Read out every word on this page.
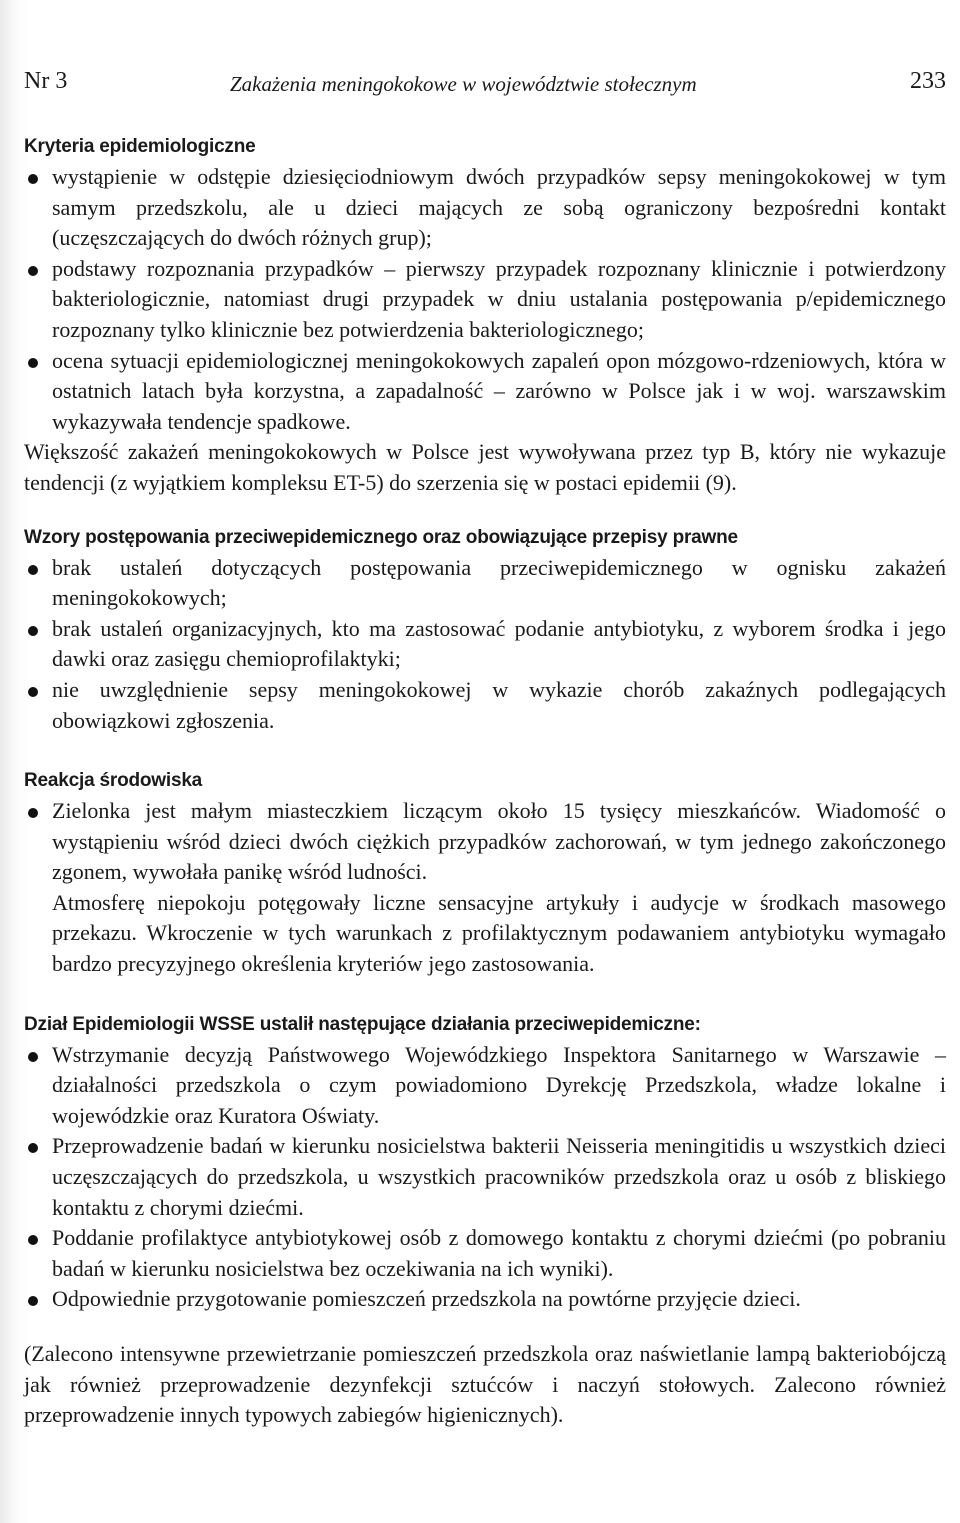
Nr 3	Zakażenia meningokokowe w województwie stołecznym	233
Kryteria epidemiologiczne
wystąpienie w odstępie dziesięciodniowym dwóch przypadków sepsy meningokokowej w tym samym przedszkolu, ale u dzieci mających ze sobą ograniczony bezpośredni kontakt (uczęszczających do dwóch różnych grup);
podstawy rozpoznania przypadków – pierwszy przypadek rozpoznany klinicznie i potwierdzony bakteriologicznie, natomiast drugi przypadek w dniu ustalania postępowania p/epidemicznego rozpoznany tylko klinicznie bez potwierdzenia bakteriologicznego;
ocena sytuacji epidemiologicznej meningokokowych zapaleń opon mózgowo-rdzeniowych, która w ostatnich latach była korzystna, a zapadalność – zarówno w Polsce jak i w woj. warszawskim wykazywała tendencje spadkowe.

Większość zakażeń meningokokowych w Polsce jest wywoływana przez typ B, który nie wykazuje tendencji (z wyjątkiem kompleksu ET-5) do szerzenia się w postaci epidemii (9).

Wzory postępowania przeciwepidemicznego oraz obowiązujące przepisy prawne
brak ustaleń dotyczących postępowania przeciwepidemicznego w ognisku zakażeń meningokokowych;
brak ustaleń organizacyjnych, kto ma zastosować podanie antybiotyku, z wyborem środka i jego dawki oraz zasięgu chemioprofilaktyki;
nie uwzględnienie sepsy meningokokowej w wykazie chorób zakaźnych podlegających obowiązkowi zgłoszenia.
Reakcja środowiska
Zielonka jest małym miasteczkiem liczącym około 15 tysięcy mieszkańców. Wiadomość o wystąpieniu wśród dzieci dwóch ciężkich przypadków zachorowań, w tym jednego zakończonego zgonem, wywołała panikę wśród ludności.

Atmosferę niepokoju potęgowały liczne sensacyjne artykuły i audycje w środkach masowego przekazu. Wkroczenie w tych warunkach z profilaktycznym podawaniem antybiotyku wymagało bardzo precyzyjnego określenia kryteriów jego zastosowania.

Dział Epidemiologii WSSE ustalił następujące działania przeciwepidemiczne:
Wstrzymanie decyzją Państwowego Wojewódzkiego Inspektora Sanitarnego w Warszawie – działalności przedszkola o czym powiadomiono Dyrekcję Przedszkola, władze lokalne i wojewódzkie oraz Kuratora Oświaty.
Przeprowadzenie badań w kierunku nosicielstwa bakterii Neisseria meningitidis u wszystkich dzieci uczęszczających do przedszkola, u wszystkich pracowników przedszkola oraz u osób z bliskiego kontaktu z chorymi dziećmi.
Poddanie profilaktyce antybiotykowej osób z domowego kontaktu z chorymi dziećmi (po pobraniu badań w kierunku nosicielstwa bez oczekiwania na ich wyniki).
Odpowiednie przygotowanie pomieszczeń przedszkola na powtórne przyjęcie dzieci.

(Zalecono intensywne przewietrzanie pomieszczeń przedszkola oraz naświetlanie lampą bakteriobójczą jak również przeprowadzenie dezynfekcji sztućców i naczyń stołowych. Zalecono również przeprowadzenie innych typowych zabiegów higienicznych).
